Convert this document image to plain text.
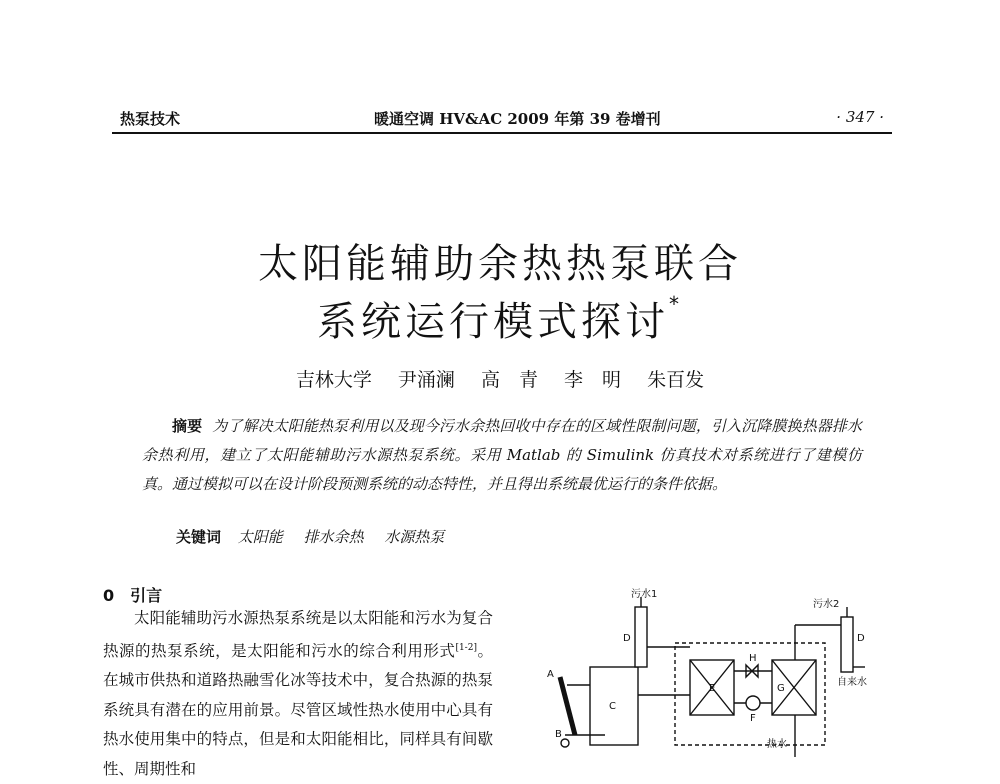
热泵技术	暖通空调 HV&AC 2009 年第 39 卷增刊	· 347 ·
太阳能辅助余热热泵联合
系统运行模式探讨*
吉林大学 尹涌澜 高　青 李　明 朱百发
摘要 为了解决太阳能热泵利用以及现今污水余热回收中存在的区域性限制问题，引入沉降膜换热器排水余热利用，建立了太阳能辅助污水源热泵系统。采用 Matlab 的 Simulink 仿真技术对系统进行了建模仿真。通过模拟可以在设计阶段预测系统的动态特性，并且得出系统最优运行的条件依据。
关键词 太阳能 排水余热 水源热泵
0　引言
太阳能辅助污水源热泵系统是以太阳能和污水为复合热源的热泵系统，是太阳能和污水的综合利用形式[1-2]。在城市供热和道路热融雪化冰等技术中，复合热源的热泵系统具有潜在的应用前景。尽管区域性热水使用中心具有热水使用集中的特点，但是和太阳能相比，同样具有间歇性、周期性和
污水1
污水2
自来水
热水
A
B
C
D	D
E
F
G
H
